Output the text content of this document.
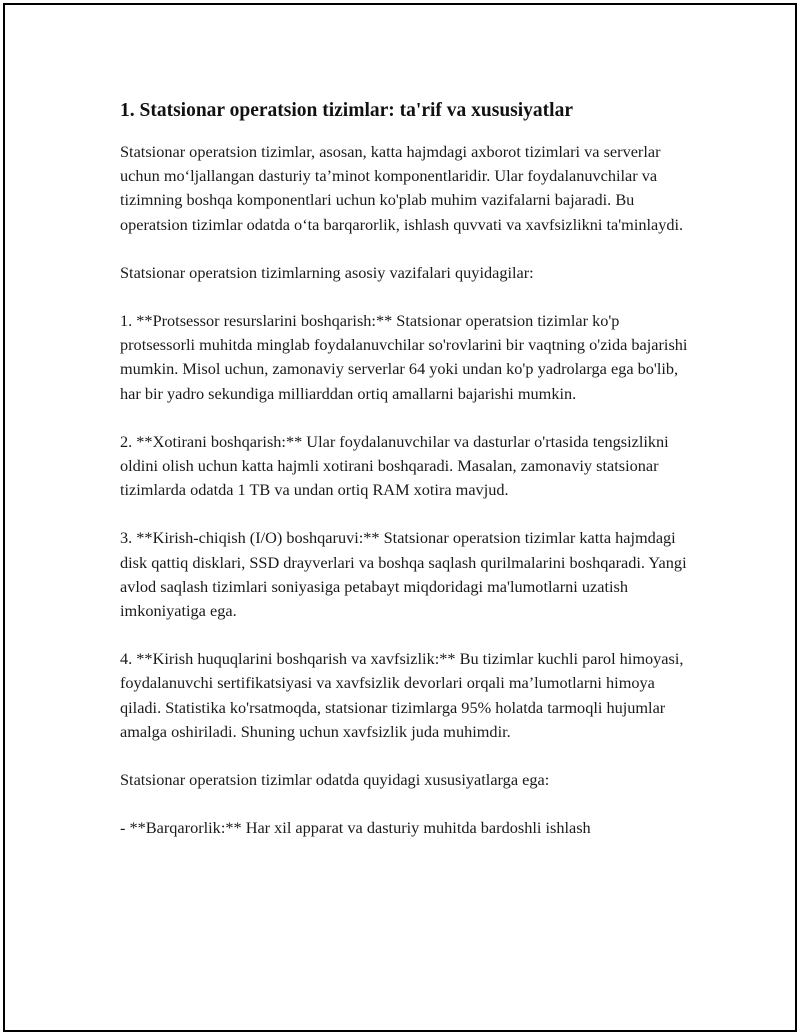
1. Statsionar operatsion tizimlar: ta'rif va xususiyatlar

Statsionar operatsion tizimlar, asosan, katta hajmdagi axborot tizimlari va serverlar uchun mo‘ljallangan dasturiy ta’minot komponentlaridir. Ular foydalanuvchilar va tizimning boshqa komponentlari uchun ko'plab muhim vazifalarni bajaradi. Bu operatsion tizimlar odatda o‘ta barqarorlik, ishlash quvvati va xavfsizlikni ta'minlaydi.

Statsionar operatsion tizimlarning asosiy vazifalari quyidagilar:

1. **Protsessor resurslarini boshqarish:** Statsionar operatsion tizimlar ko'p protsessorli muhitda minglab foydalanuvchilar so'rovlarini bir vaqtning o'zida bajarishi mumkin. Misol uchun, zamonaviy serverlar 64 yoki undan ko'p yadrolarga ega bo'lib, har bir yadro sekundiga milliarddan ortiq amallarni bajarishi mumkin.

2. **Xotirani boshqarish:** Ular foydalanuvchilar va dasturlar o'rtasida tengsizlikni oldini olish uchun katta hajmli xotirani boshqaradi. Masalan, zamonaviy statsionar tizimlarda odatda 1 TB va undan ortiq RAM xotira mavjud.

3. **Kirish-chiqish (I/O) boshqaruvi:** Statsionar operatsion tizimlar katta hajmdagi disk qattiq disklari, SSD drayverlari va boshqa saqlash qurilmalarini boshqaradi. Yangi avlod saqlash tizimlari soniyasiga petabayt miqdoridagi ma'lumotlarni uzatish imkoniyatiga ega.

4. **Kirish huquqlarini boshqarish va xavfsizlik:** Bu tizimlar kuchli parol himoyasi, foydalanuvchi sertifikatsiyasi va xavfsizlik devorlari orqali ma’lumotlarni himoya qiladi. Statistika ko'rsatmoqda, statsionar tizimlarga 95% holatda tarmoqli hujumlar amalga oshiriladi. Shuning uchun xavfsizlik juda muhimdir.

Statsionar operatsion tizimlar odatda quyidagi xususiyatlarga ega:

- **Barqarorlik:** Har xil apparat va dasturiy muhitda bardoshli ishlash
